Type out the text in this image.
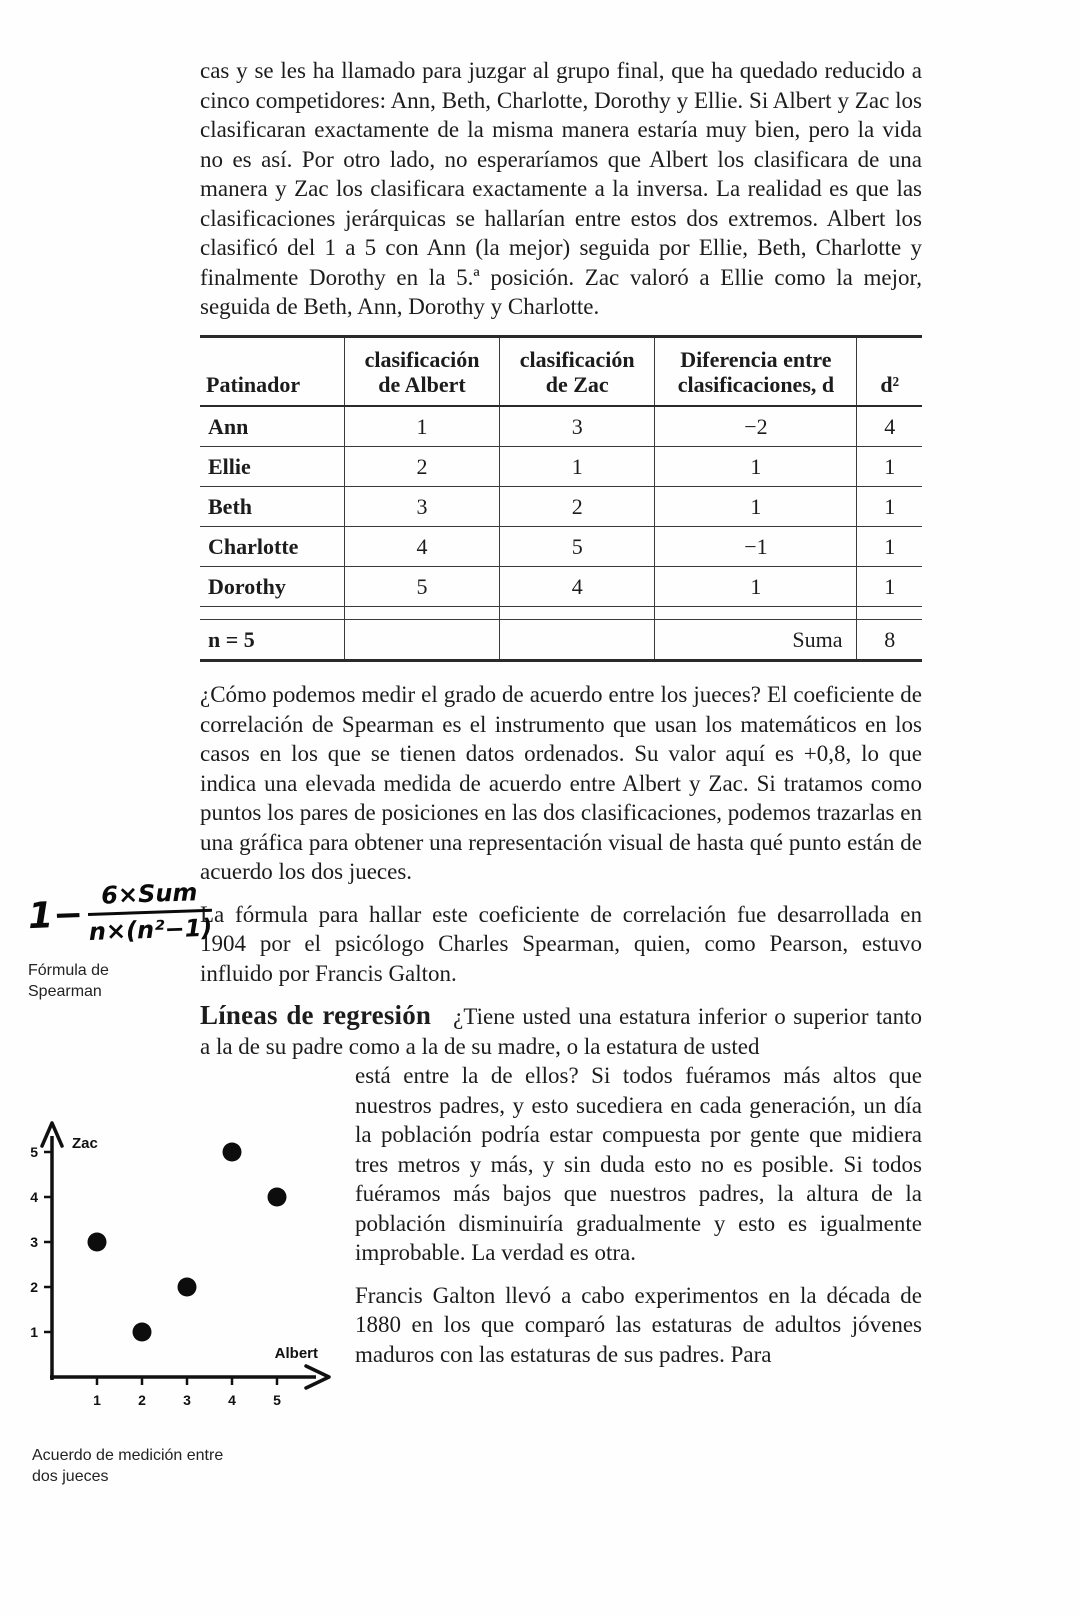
cas y se les ha llamado para juzgar al grupo final, que ha quedado reducido a cinco competidores: Ann, Beth, Charlotte, Dorothy y Ellie. Si Albert y Zac los clasificaran exactamente de la misma manera estaría muy bien, pero la vida no es así. Por otro lado, no esperaríamos que Albert los clasificara de una manera y Zac los clasificara exactamente a la inversa. La realidad es que las clasificaciones jerárquicas se hallarían entre estos dos extremos. Albert los clasificó del 1 a 5 con Ann (la mejor) seguida por Ellie, Beth, Charlotte y finalmente Dorothy en la 5.ª posición. Zac valoró a Ellie como la mejor, seguida de Beth, Ann, Dorothy y Charlotte.

Patinador	clasificación de Albert	clasificación de Zac	Diferencia entre clasificaciones, d	d²
Ann	1	3	−2	4
Ellie	2	1	1	1
Beth	3	2	1	1
Charlotte	4	5	−1	1
Dorothy	5	4	1	1

n = 5			Suma	8

¿Cómo podemos medir el grado de acuerdo entre los jueces? El coeficiente de correlación de Spearman es el instrumento que usan los matemáticos en los casos en los que se tienen datos ordenados. Su valor aquí es +0,8, lo que indica una elevada medida de acuerdo entre Albert y Zac. Si tratamos como puntos los pares de posiciones en las dos clasificaciones, podemos trazarlas en una gráfica para obtener una representación visual de hasta qué punto están de acuerdo los dos jueces.

La fórmula para hallar este coeficiente de correlación fue desarrollada en 1904 por el psicólogo Charles Spearman, quien, como Pearson, estuvo influido por Francis Galton.

Líneas de regresión ¿Tiene usted una estatura inferior o superior tanto a la de su padre como a la de su madre, o la estatura de usted

está entre la de ellos? Si todos fuéramos más altos que nuestros padres, y esto sucediera en cada generación, un día la población podría estar compuesta por gente que midiera tres metros y más, y sin duda esto no es posible. Si todos fuéramos más bajos que nuestros padres, la altura de la población disminuiría gradualmente y esto es igualmente improbable. La verdad es otra.

Francis Galton llevó a cabo experimentos en la década de 1880 en los que comparó las estaturas de adultos jóvenes maduros con las estaturas de sus padres. Para

$1- \frac{\text{6×Sum}}{\text{n×(n²−1)}}$
Fórmula de Spearman
1	2	3	4	5
1
2
3
4
5 Zac
Albert
Acuerdo de medición entre dos jueces
